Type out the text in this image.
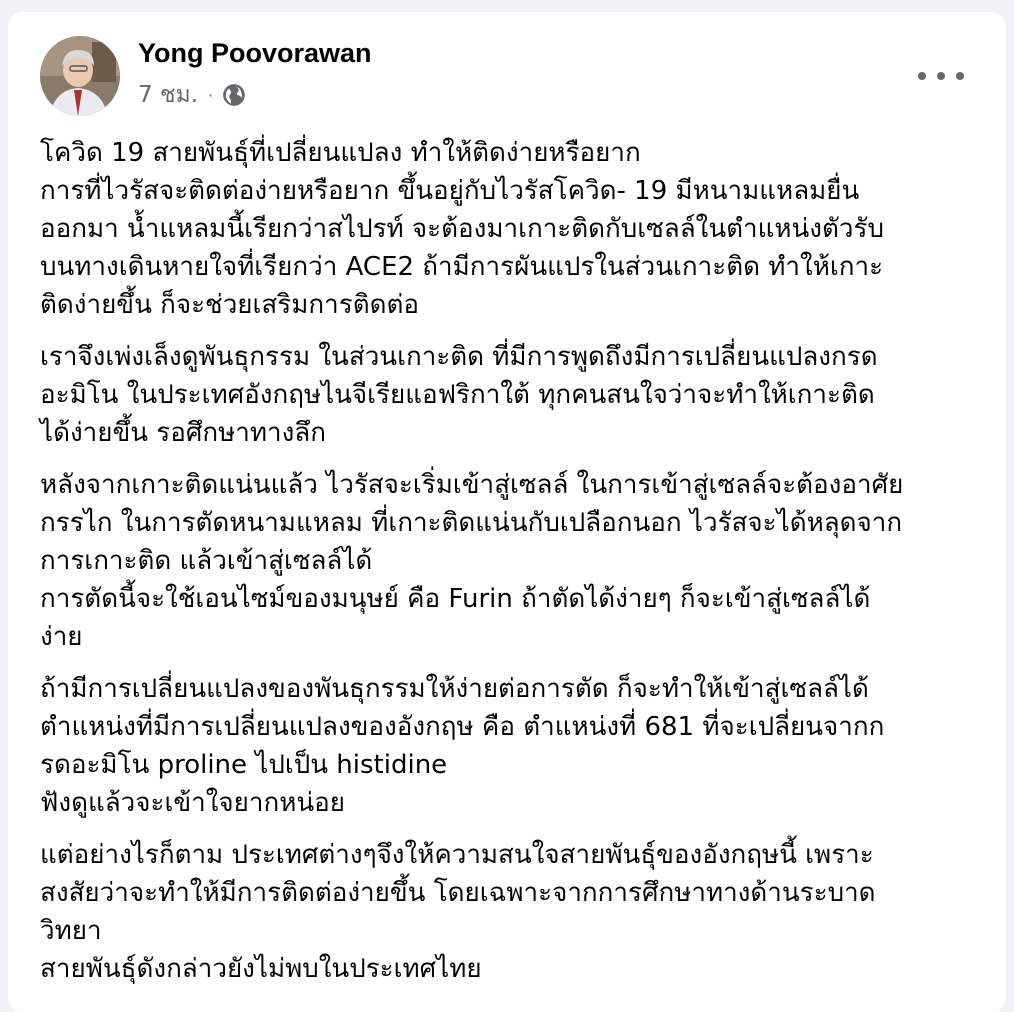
Yong Poovorawan
7 ชม. ·
โควิด 19 สายพันธุ์ที่เปลี่ยนแปลง ทำให้ติดง่ายหรือยาก
การที่ไวรัสจะติดต่อง่ายหรือยาก ขึ้นอยู่กับไวรัสโควิด- 19 มีหนามแหลมยื่น
ออกมา น้ำแหลมนี้เรียกว่าสไปรท์ จะต้องมาเกาะติดกับเซลล์ในตำแหน่งตัวรับ
บนทางเดินหายใจที่เรียกว่า ACE2 ถ้ามีการผันแปรในส่วนเกาะติด ทำให้เกาะ
ติดง่ายขึ้น ก็จะช่วยเสริมการติดต่อ
เราจึงเพ่งเล็งดูพันธุกรรม ในส่วนเกาะติด ที่มีการพูดถึงมีการเปลี่ยนแปลงกรด
อะมิโน ในประเทศอังกฤษไนจีเรียแอฟริกาใต้ ทุกคนสนใจว่าจะทำให้เกาะติด
ได้ง่ายขึ้น รอศึกษาทางลึก
หลังจากเกาะติดแน่นแล้ว ไวรัสจะเริ่มเข้าสู่เซลล์ ในการเข้าสู่เซลล์จะต้องอาศัย
กรรไก ในการตัดหนามแหลม ที่เกาะติดแน่นกับเปลือกนอก ไวรัสจะได้หลุดจาก
การเกาะติด แล้วเข้าสู่เซลล์ได้
การตัดนี้จะใช้เอนไซม์ของมนุษย์ คือ Furin ถ้าตัดได้ง่ายๆ ก็จะเข้าสู่เซลล์ได้
ง่าย
ถ้ามีการเปลี่ยนแปลงของพันธุกรรมให้ง่ายต่อการตัด ก็จะทำให้เข้าสู่เซลล์ได้
ตำแหน่งที่มีการเปลี่ยนแปลงของอังกฤษ คือ ตำแหน่งที่ 681 ที่จะเปลี่ยนจากก
รดอะมิโน proline ไปเป็น histidine
ฟังดูแล้วจะเข้าใจยากหน่อย
แต่อย่างไรก็ตาม ประเทศต่างๆจึงให้ความสนใจสายพันธุ์ของอังกฤษนี้ เพราะ
สงสัยว่าจะทำให้มีการติดต่อง่ายขึ้น โดยเฉพาะจากการศึกษาทางด้านระบาด
วิทยา
สายพันธุ์ดังกล่าวยังไม่พบในประเทศไทย
